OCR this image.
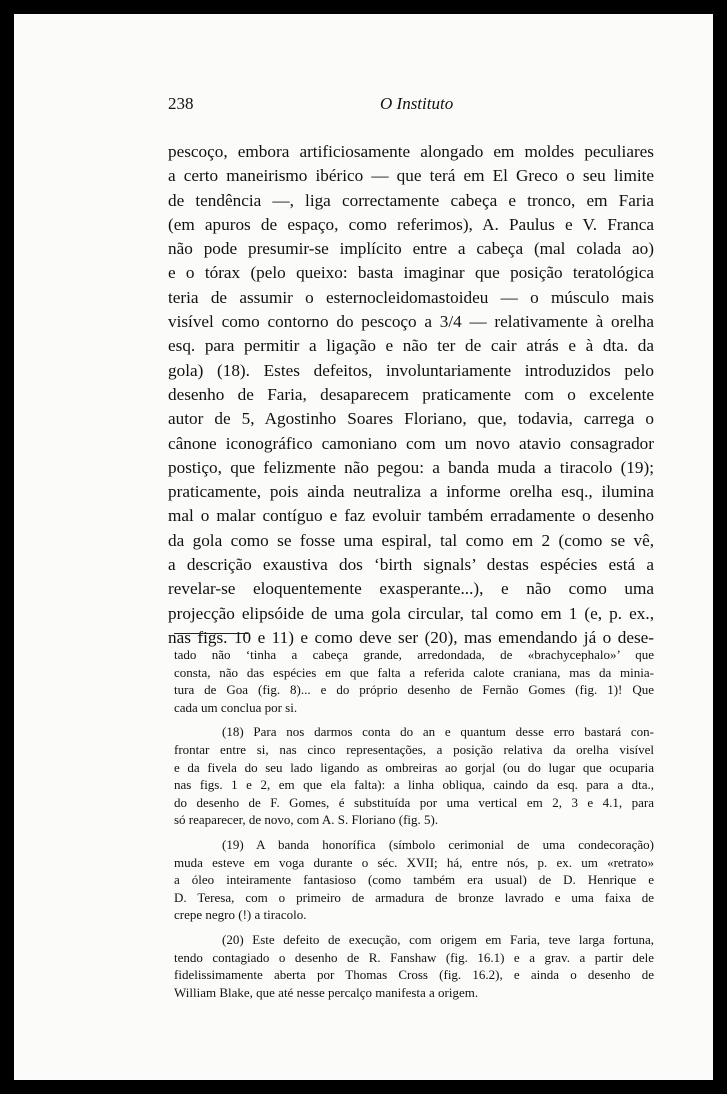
238	O Instituto
pescoço, embora artificiosamente alongado em moldes peculiares
a certo maneirismo ibérico — que terá em El Greco o seu limite
de tendência —, liga correctamente cabeça e tronco, em Faria
(em apuros de espaço, como referimos), A. Paulus e V. Franca
não pode presumir-se implícito entre a cabeça (mal colada ao)
e o tórax (pelo queixo: basta imaginar que posição teratológica
teria de assumir o esternocleidomastoideu — o músculo mais
visível como contorno do pescoço a 3/4 — relativamente à orelha
esq. para permitir a ligação e não ter de cair atrás e à dta. da
gola) (18). Estes defeitos, involuntariamente introduzidos pelo
desenho de Faria, desaparecem praticamente com o excelente
autor de 5, Agostinho Soares Floriano, que, todavia, carrega o
cânone iconográfico camoniano com um novo atavio consagrador
postiço, que felizmente não pegou: a banda muda a tiracolo (19);
praticamente, pois ainda neutraliza a informe orelha esq., ilumina
mal o malar contíguo e faz evoluir também erradamente o desenho
da gola como se fosse uma espiral, tal como em 2 (como se vê,
a descrição exaustiva dos ‘birth signals’ destas espécies está a
revelar-se eloquentemente exasperante...), e não como uma
projecção elipsóide de uma gola circular, tal como em 1 (e, p. ex.,
nas figs. 10 e 11) e como deve ser (20), mas emendando já o dese-
tado não ‘tinha a cabeça grande, arredondada, de «brachycephalo»’ que
consta, não das espécies em que falta a referida calote craniana, mas da minia-
tura de Goa (fig. 8)... e do próprio desenho de Fernão Gomes (fig. 1)! Que
cada um conclua por si.
(18) Para nos darmos conta do an e quantum desse erro bastará con-
frontar entre si, nas cinco representações, a posição relativa da orelha visível
e da fivela do seu lado ligando as ombreiras ao gorjal (ou do lugar que ocuparia
nas figs. 1 e 2, em que ela falta): a linha obliqua, caindo da esq. para a dta.,
do desenho de F. Gomes, é substituída por uma vertical em 2, 3 e 4.1, para
só reaparecer, de novo, com A. S. Floriano (fig. 5).
(19) A banda honorífica (símbolo cerimonial de uma condecoração)
muda esteve em voga durante o séc. XVII; há, entre nós, p. ex. um «retrato»
a óleo inteiramente fantasioso (como também era usual) de D. Henrique e
D. Teresa, com o primeiro de armadura de bronze lavrado e uma faixa de
crepe negro (!) a tiracolo.
(20) Este defeito de execução, com origem em Faria, teve larga fortuna,
tendo contagiado o desenho de R. Fanshaw (fig. 16.1) e a grav. a partir dele
fidelissimamente aberta por Thomas Cross (fig. 16.2), e ainda o desenho de
William Blake, que até nesse percalço manifesta a origem.
